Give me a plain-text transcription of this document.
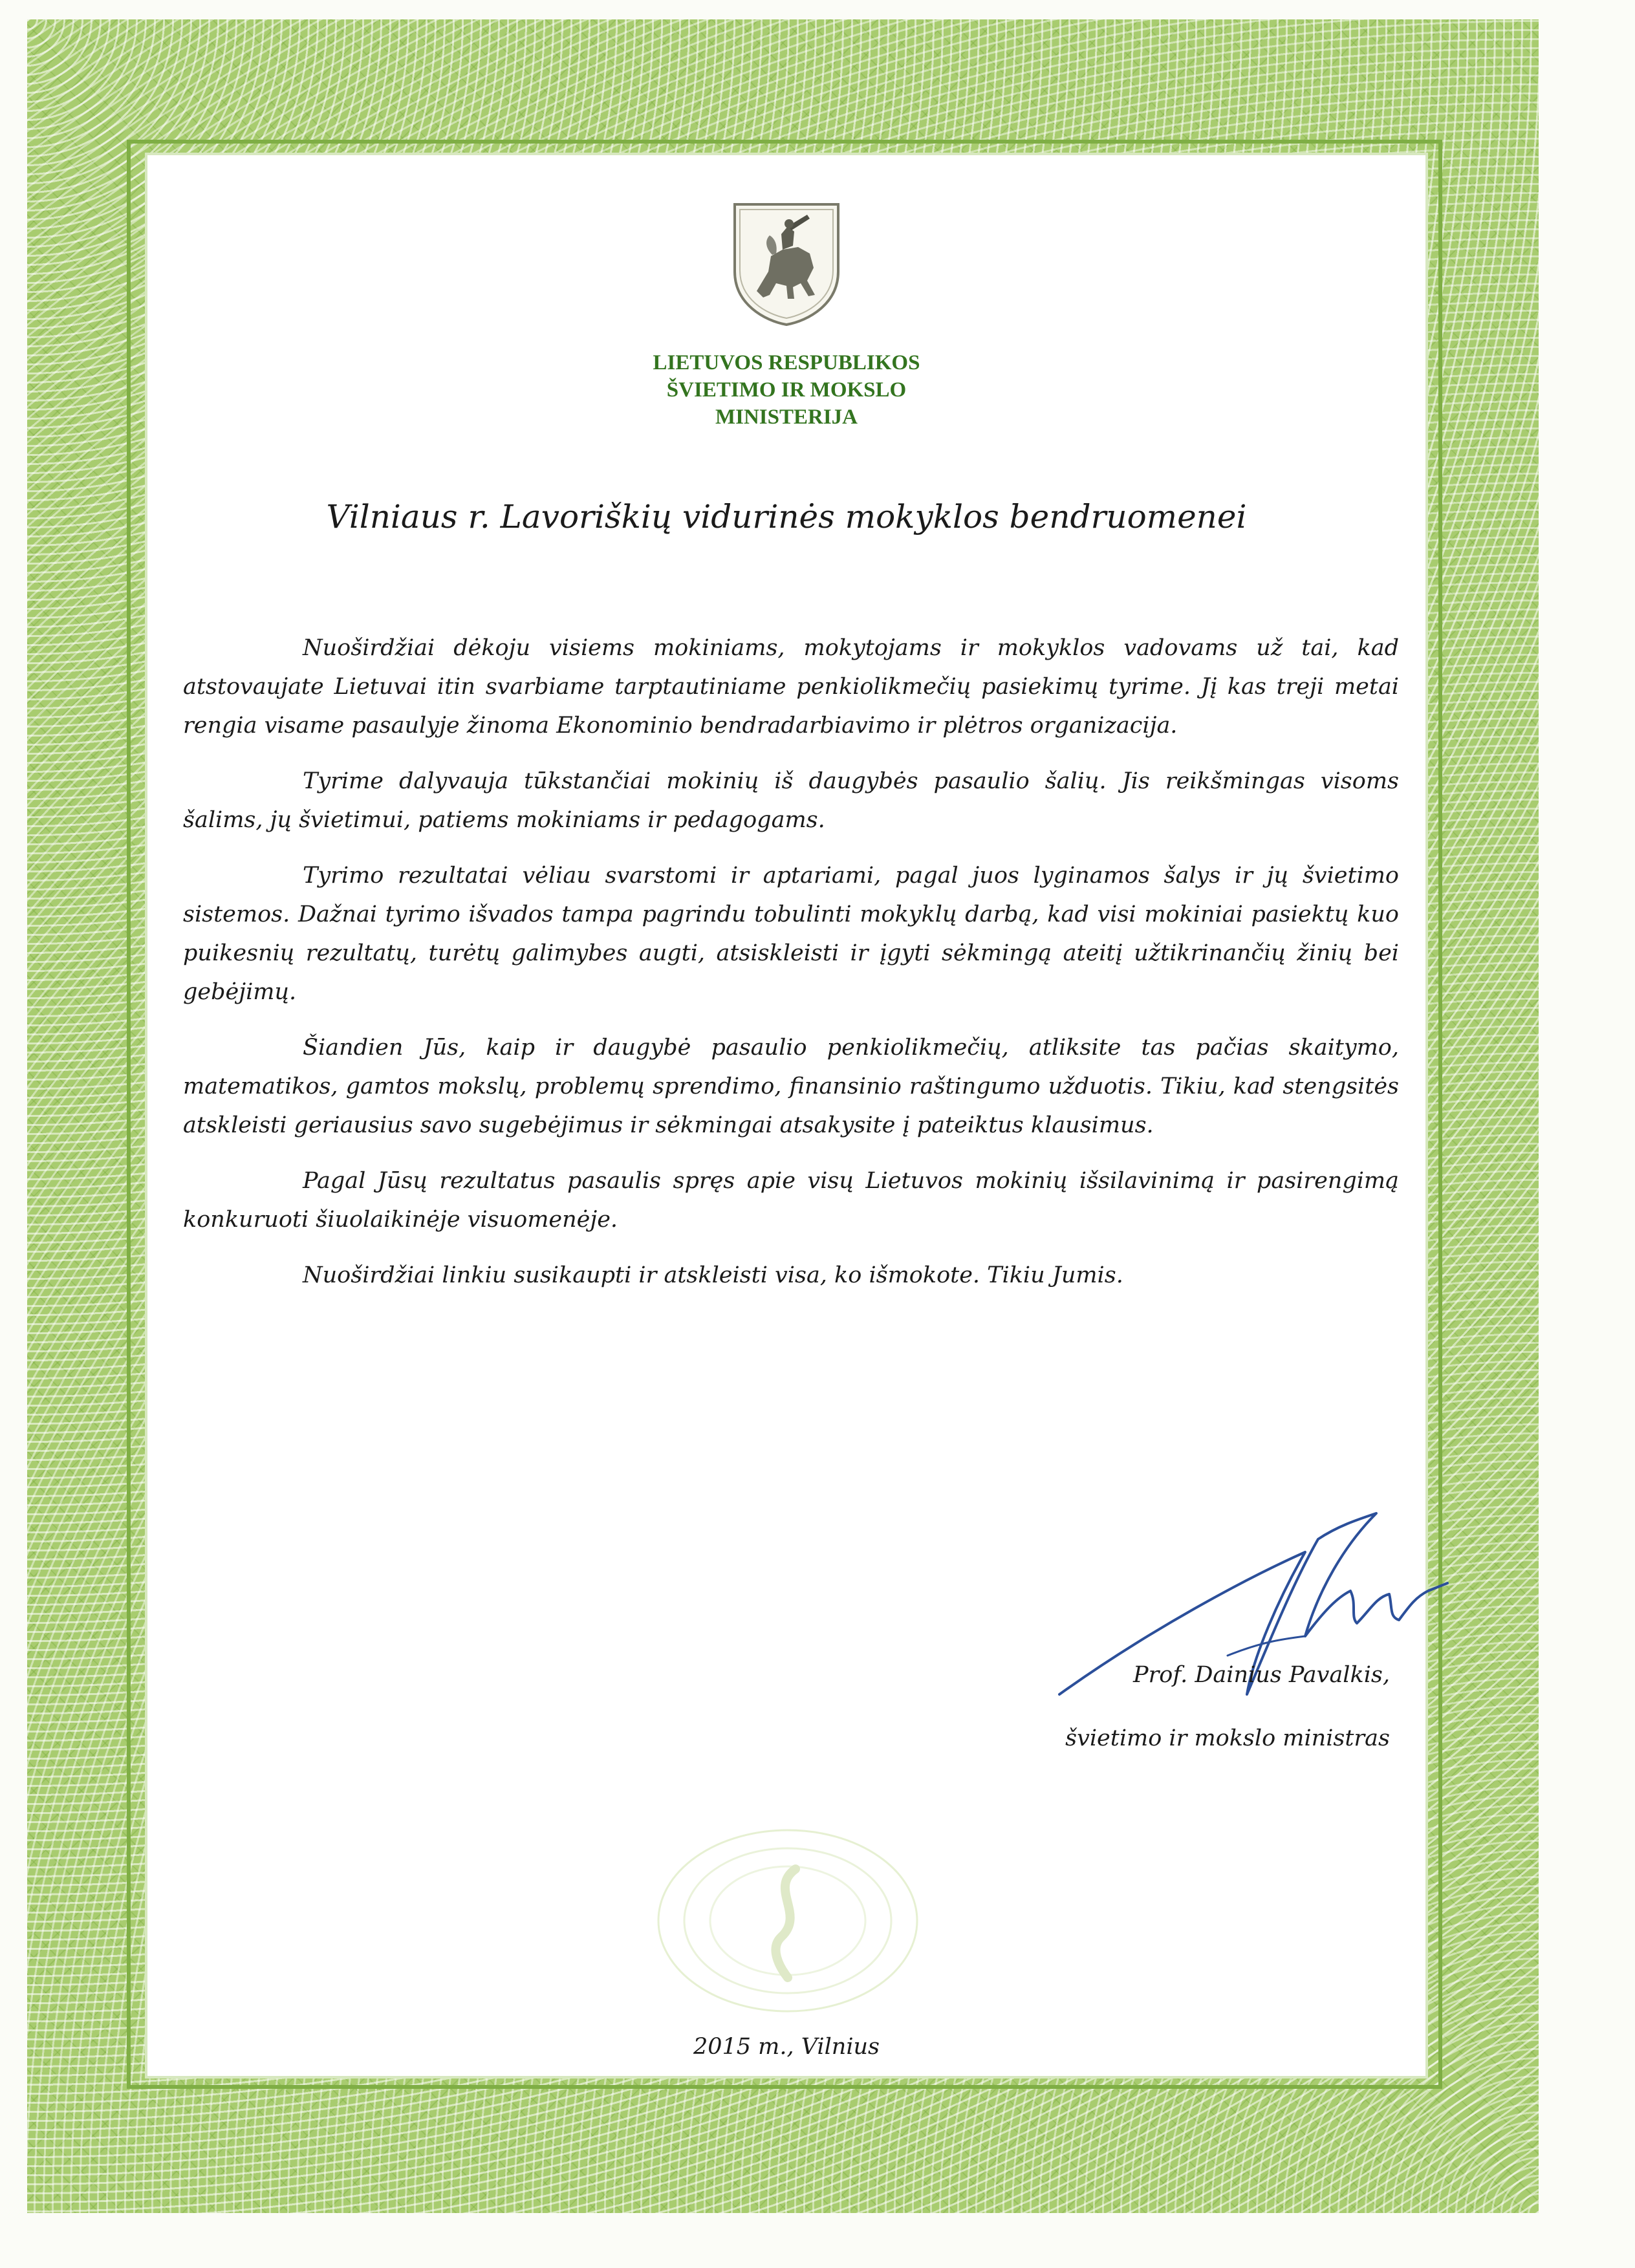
LIETUVOS RESPUBLIKOS
ŠVIETIMO IR MOKSLO
MINISTERIJA
Vilniaus r. Lavoriškių vidurinės mokyklos bendruomenei

Nuoširdžiai dėkoju visiems mokiniams, mokytojams ir mokyklos vadovams už tai, kad atstovaujate Lietuvai itin svarbiame tarptautiniame penkiolikmečių pasiekimų tyrime. Jį kas treji metai rengia visame pasaulyje žinoma Ekonominio bendradarbiavimo ir plėtros organizacija.

Tyrime dalyvauja tūkstančiai mokinių iš daugybės pasaulio šalių. Jis reikšmingas visoms šalims, jų švietimui, patiems mokiniams ir pedagogams.

Tyrimo rezultatai vėliau svarstomi ir aptariami, pagal juos lyginamos šalys ir jų švietimo sistemos. Dažnai tyrimo išvados tampa pagrindu tobulinti mokyklų darbą, kad visi mokiniai pasiektų kuo puikesnių rezultatų, turėtų galimybes augti, atsiskleisti ir įgyti sėkmingą ateitį užtikrinančių žinių bei gebėjimų.

Šiandien Jūs, kaip ir daugybė pasaulio penkiolikmečių, atliksite tas pačias skaitymo, matematikos, gamtos mokslų, problemų sprendimo, finansinio raštingumo užduotis. Tikiu, kad stengsitės atskleisti geriausius savo sugebėjimus ir sėkmingai atsakysite į pateiktus klausimus.

Pagal Jūsų rezultatus pasaulis spręs apie visų Lietuvos mokinių išsilavinimą ir pasirengimą konkuruoti šiuolaikinėje visuomenėje.

Nuoširdžiai linkiu susikaupti ir atskleisti visa, ko išmokote. Tikiu Jumis.

Prof. Dainius Pavalkis,
švietimo ir mokslo ministras
2015 m., Vilnius
